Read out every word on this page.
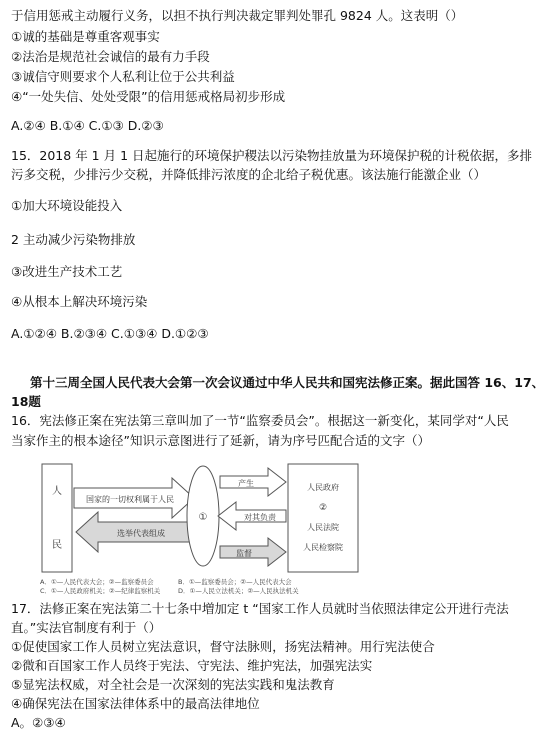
于信用惩戒主动履行义务，以担不执行判决裁定罪判处罪孔 9824 人。这表明（）
①诚的基础是尊重客观事实
②法治是规范社会诚信的最有力手段
③诚信守则要求个人私利让位于公共利益
④“一处失信、处处受限”的信用惩戒格局初步形成
A.②④ B.①④ C.①③ D.②③
15．2018 年 1 月 1 日起施行的环境保护稷法以污染物挂放量为环境保护税的计税依据，多排
污多交税，少排污少交税，并降低排污浓度的企北给子税优惠。该法施行能激企业（）
①加大环境设能投入
2 主动减少污染物排放
③改进生产技术工艺
④从根本上解决环境污染
A.①②④ B.②③④ C.①③④ D.①②③
第十三周全国人民代表大会第一次会议通过中华人民共和国宪法修正案。据此国答 16、17、
18题
16．宪法修正案在宪法第三章叫加了一节“监察委员会”。根据这一新变化，某同学对“人民
当家作主的根本途径”知识示意图进行了延新，请为序号匹配合适的文字（）
人
民
国家的一切权利属于人民
选举代表组成
①
产生
对其负责
监督
人民政府
②
人民法院
人民检察院
A．①—人民代表大会；②—监察委员会	B．①—监察委员会；②—人民代表大会
C．①—人民政府机关；②—纪律监察机关	D．①—人民立法机关；②—人民执法机关
17．法修正案在宪法第二十七条中増加定 t “国家工作人员就时当依照法律定公开进行壳法
直。”实法官制度有利于（）
①促使国家工作人员树立宪法意识，督守法脉则，扬宪法精神。用行宪法使合
②微和百国家工作人员终于宪法、守宪法、维护宪法，加强宪法实
⑤显宪法权威，对全社会是一次深刻的宪法实践和鬼法教育
④确保宪法在国家法律体系中的最高法律地位
A。②③④
